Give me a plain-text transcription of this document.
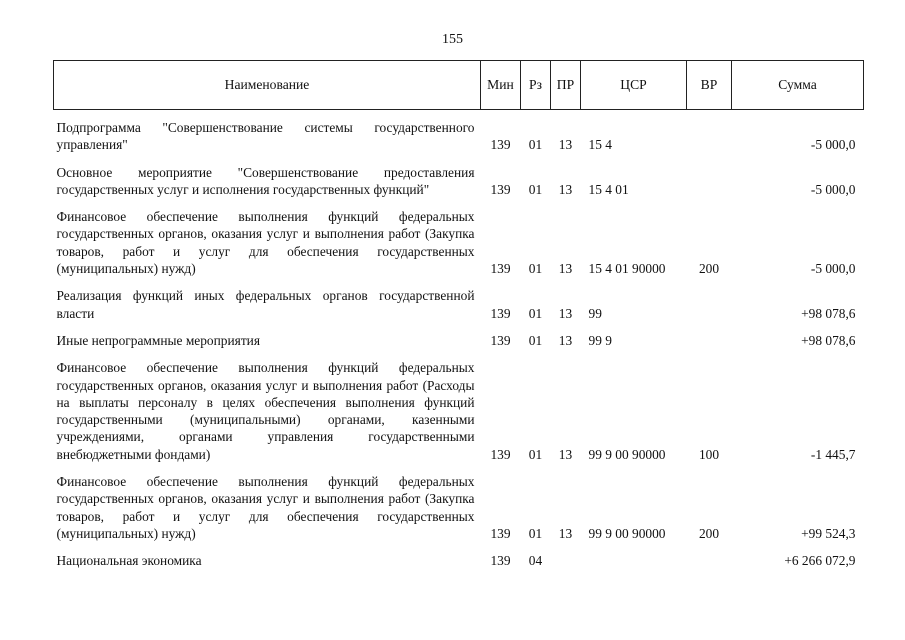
155
Наименование	Мин	Рз	ПР	ЦСР	ВР	Сумма
Подпрограмма "Совершенствование системы государственного управления"	139	01	13	15 4		-5 000,0
Основное мероприятие "Совершенствование предоставления государственных услуг и исполнения государственных функций"	139	01	13	15 4 01		-5 000,0
Финансовое обеспечение выполнения функций федеральных государственных органов, оказания услуг и выполнения работ (Закупка товаров, работ и услуг для обеспечения государственных (муниципальных) нужд)	139	01	13	15 4 01 90000	200	-5 000,0
Реализация функций иных федеральных органов государственной власти	139	01	13	99		+98 078,6
Иные непрограммные мероприятия	139	01	13	99 9		+98 078,6
Финансовое обеспечение выполнения функций федеральных государственных органов, оказания услуг и выполнения работ (Расходы на выплаты персоналу в целях обеспечения выполнения функций государственными (муниципальными) органами, казенными учреждениями, органами управления государственными внебюджетными фондами)	139	01	13	99 9 00 90000	100	-1 445,7
Финансовое обеспечение выполнения функций федеральных государственных органов, оказания услуг и выполнения работ (Закупка товаров, работ и услуг для обеспечения государственных (муниципальных) нужд)	139	01	13	99 9 00 90000	200	+99 524,3
Национальная экономика	139	04				+6 266 072,9
